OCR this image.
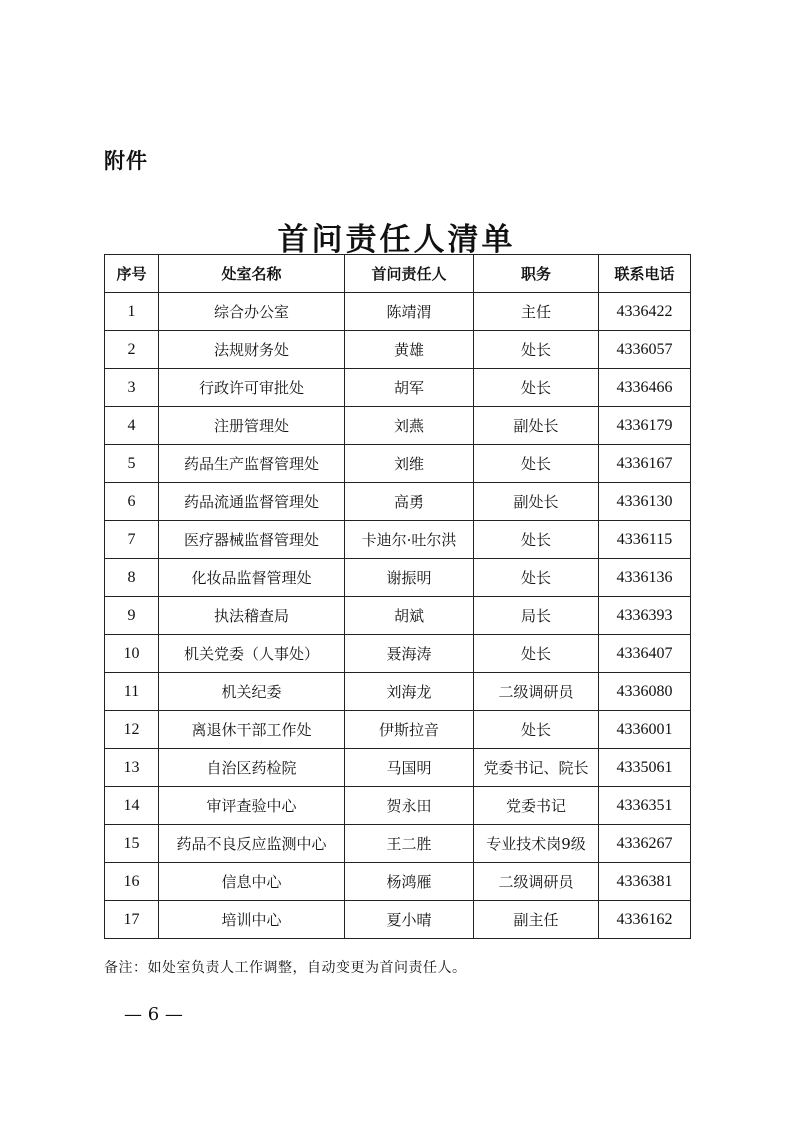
附件
首问责任人清单
序号	处室名称	首问责任人	职务	联系电话
1	综合办公室	陈靖渭	主任	4336422
2	法规财务处	黄雄	处长	4336057
3	行政许可审批处	胡军	处长	4336466
4	注册管理处	刘燕	副处长	4336179
5	药品生产监督管理处	刘维	处长	4336167
6	药品流通监督管理处	高勇	副处长	4336130
7	医疗器械监督管理处	卡迪尔·吐尔洪	处长	4336115
8	化妆品监督管理处	谢振明	处长	4336136
9	执法稽查局	胡斌	局长	4336393
10	机关党委（人事处）	聂海涛	处长	4336407
11	机关纪委	刘海龙	二级调研员	4336080
12	离退休干部工作处	伊斯拉音	处长	4336001
13	自治区药检院	马国明	党委书记、院长	4335061
14	审评查验中心	贺永田	党委书记	4336351
15	药品不良反应监测中心	王二胜	专业技术岗9级	4336267
16	信息中心	杨鸿雁	二级调研员	4336381
17	培训中心	夏小晴	副主任	4336162
备注：如处室负责人工作调整，自动变更为首问责任人。
— 6 —
